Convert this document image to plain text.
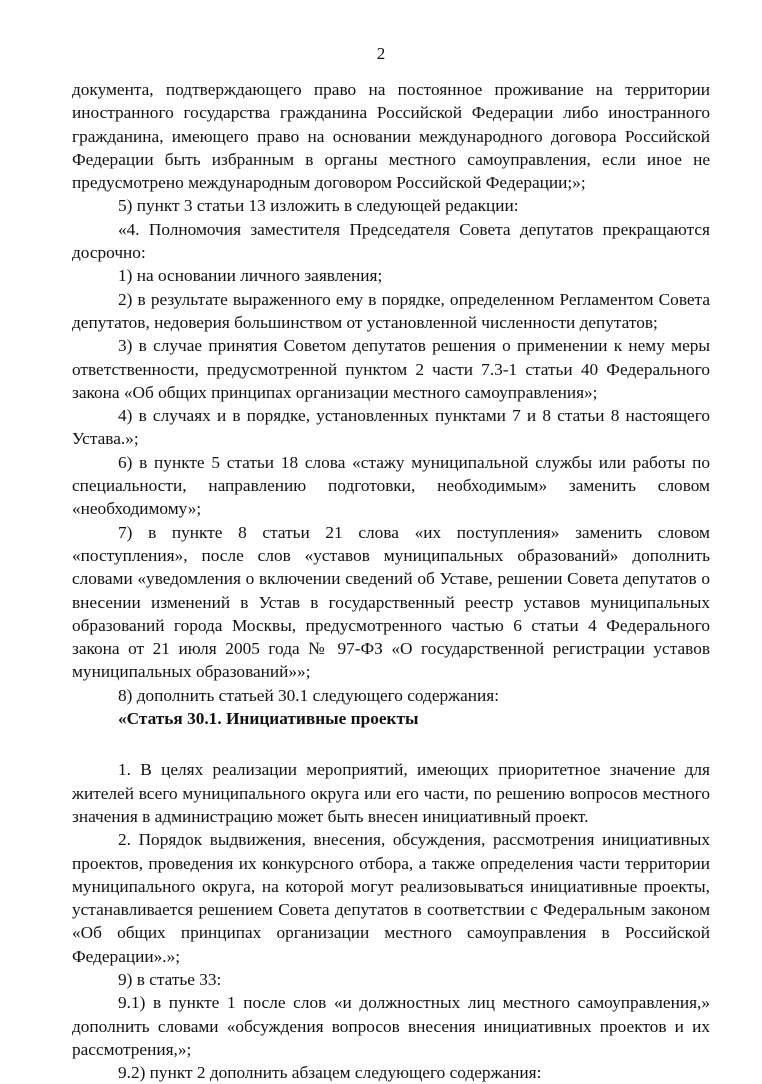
2

документа, подтверждающего право на постоянное проживание на территории иностранного государства гражданина Российской Федерации либо иностранного гражданина, имеющего право на основании международного договора Российской Федерации быть избранным в органы местного самоуправления, если иное не предусмотрено международным договором Российской Федерации;»;

5) пункт 3 статьи 13 изложить в следующей редакции:

«4. Полномочия заместителя Председателя Совета депутатов прекращаются досрочно:

1) на основании личного заявления;

2) в результате выраженного ему в порядке, определенном Регламентом Совета депутатов, недоверия большинством от установленной численности депутатов;

3) в случае принятия Советом депутатов решения о применении к нему меры ответственности, предусмотренной пунктом 2 части 7.3-1 статьи 40 Федерального закона «Об общих принципах организации местного самоуправления»;

4) в случаях и в порядке, установленных пунктами 7 и 8 статьи 8 настоящего Устава.»;

6) в пункте 5 статьи 18 слова «стажу муниципальной службы или работы по специальности, направлению подготовки, необходимым» заменить словом «необходимому»;

7) в пункте 8 статьи 21 слова «их поступления» заменить словом «поступления», после слов «уставов муниципальных образований» дополнить словами «уведомления о включении сведений об Уставе, решении Совета депутатов о внесении изменений в Устав в государственный реестр уставов муниципальных образований города Москвы, предусмотренного частью 6 статьи 4 Федерального закона от 21 июля 2005 года № 97-ФЗ «О государственной регистрации уставов муниципальных образований»»;

8) дополнить статьей 30.1 следующего содержания:

«Статья 30.1. Инициативные проекты

1. В целях реализации мероприятий, имеющих приоритетное значение для жителей всего муниципального округа или его части, по решению вопросов местного значения в администрацию может быть внесен инициативный проект.

2. Порядок выдвижения, внесения, обсуждения, рассмотрения инициативных проектов, проведения их конкурсного отбора, а также определения части территории муниципального округа, на которой могут реализовываться инициативные проекты, устанавливается решением Совета депутатов в соответствии с Федеральным законом «Об общих принципах организации местного самоуправления в Российской Федерации».»;

9) в статье 33:

9.1) в пункте 1 после слов «и должностных лиц местного самоуправления,» дополнить словами «обсуждения вопросов внесения инициативных проектов и их рассмотрения,»;

9.2) пункт 2 дополнить абзацем следующего содержания:
